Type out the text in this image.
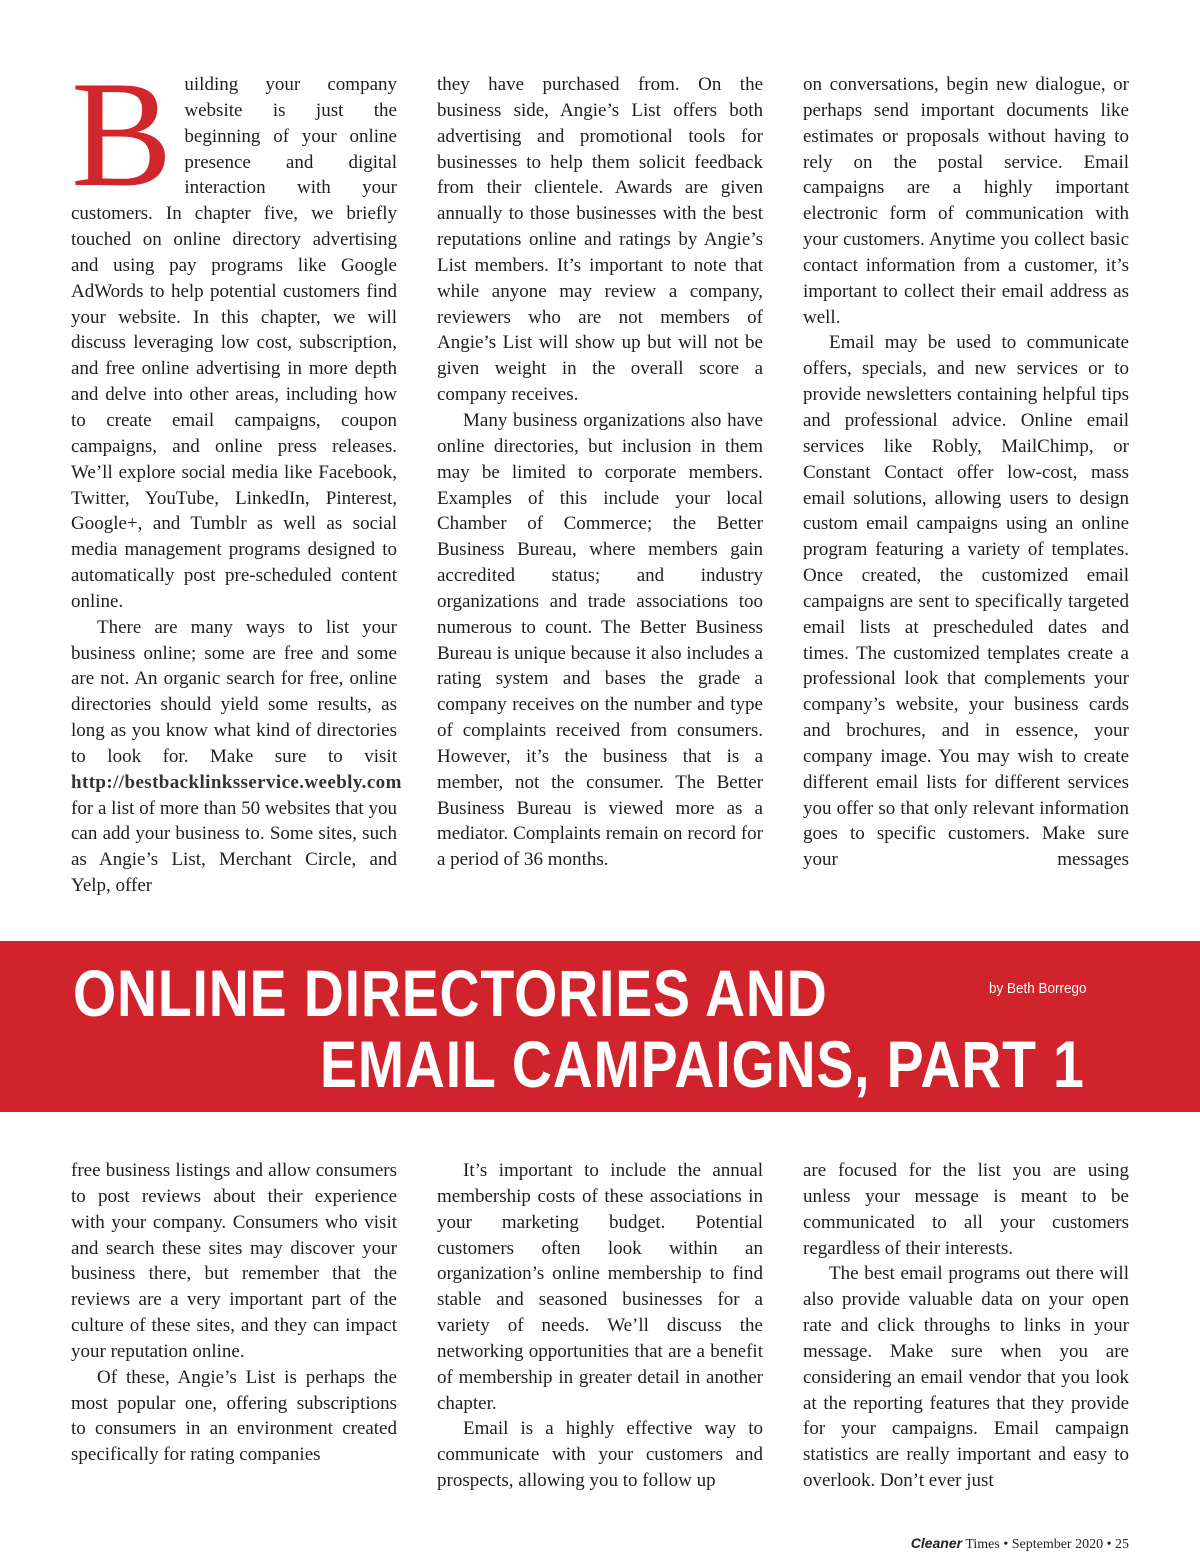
B uilding your company website is just the beginning of your online presence and digital interaction with your customers. In chapter five, we briefly touched on online directory advertising and using pay programs like Google AdWords to help potential customers find your website. In this chapter, we will discuss leveraging low cost, subscription, and free online advertising in more depth and delve into other areas, including how to create email campaigns, coupon campaigns, and online press releases. We’ll explore social media like Facebook, Twitter, YouTube, LinkedIn, Pinterest, Google+, and Tumblr as well as social media management programs designed to automatically post pre-scheduled content online.

There are many ways to list your business online; some are free and some are not. An organic search for free, online directories should yield some results, as long as you know what kind of directories to look for. Make sure to visit http://bestbacklinksservice.weebly.com for a list of more than 50 websites that you can add your business to. Some sites, such as Angie’s List, Merchant Circle, and Yelp, offer

they have purchased from. On the business side, Angie’s List offers both advertising and promotional tools for businesses to help them solicit feedback from their clientele. Awards are given annually to those businesses with the best reputations online and ratings by Angie’s List members. It’s important to note that while anyone may review a company, reviewers who are not members of Angie’s List will show up but will not be given weight in the overall score a company receives.

Many business organizations also have online directories, but inclusion in them may be limited to corporate members. Examples of this include your local Chamber of Commerce; the Better Business Bureau, where members gain accredited status; and industry organizations and trade associations too numerous to count. The Better Business Bureau is unique because it also includes a rating system and bases the grade a company receives on the number and type of complaints received from consumers. However, it’s the business that is a member, not the consumer. The Better Business Bureau is viewed more as a mediator. Complaints remain on record for a period of 36 months.

on conversations, begin new dialogue, or perhaps send important documents like estimates or proposals without having to rely on the postal service. Email campaigns are a highly important electronic form of communication with your customers. Anytime you collect basic contact information from a customer, it’s important to collect their email address as well.

Email may be used to communicate offers, specials, and new services or to provide newsletters containing helpful tips and professional advice. Online email services like Robly, MailChimp, or Constant Contact offer low-cost, mass email solutions, allowing users to design custom email campaigns using an online program featuring a variety of templates. Once created, the customized email campaigns are sent to specifically targeted email lists at prescheduled dates and times. The customized templates create a professional look that complements your company’s website, your business cards and brochures, and in essence, your company image. You may wish to create different email lists for different services you offer so that only relevant information goes to specific customers. Make sure your messages

ONLINE DIRECTORIES AND
EMAIL CAMPAIGNS, PART 1
by Beth Borrego

free business listings and allow consumers to post reviews about their experience with your company. Consumers who visit and search these sites may discover your business there, but remember that the reviews are a very important part of the culture of these sites, and they can impact your reputation online.

Of these, Angie’s List is perhaps the most popular one, offering subscriptions to consumers in an environment created specifically for rating companies

It’s important to include the annual membership costs of these associations in your marketing budget. Potential customers often look within an organization’s online membership to find stable and seasoned businesses for a variety of needs. We’ll discuss the networking opportunities that are a benefit of membership in greater detail in another chapter.

Email is a highly effective way to communicate with your customers and prospects, allowing you to follow up

are focused for the list you are using unless your message is meant to be communicated to all your customers regardless of their interests.

The best email programs out there will also provide valuable data on your open rate and click throughs to links in your message. Make sure when you are considering an email vendor that you look at the reporting features that they provide for your campaigns. Email campaign statistics are really important and easy to overlook. Don’t ever just

Cleaner Times • September 2020 • 25
